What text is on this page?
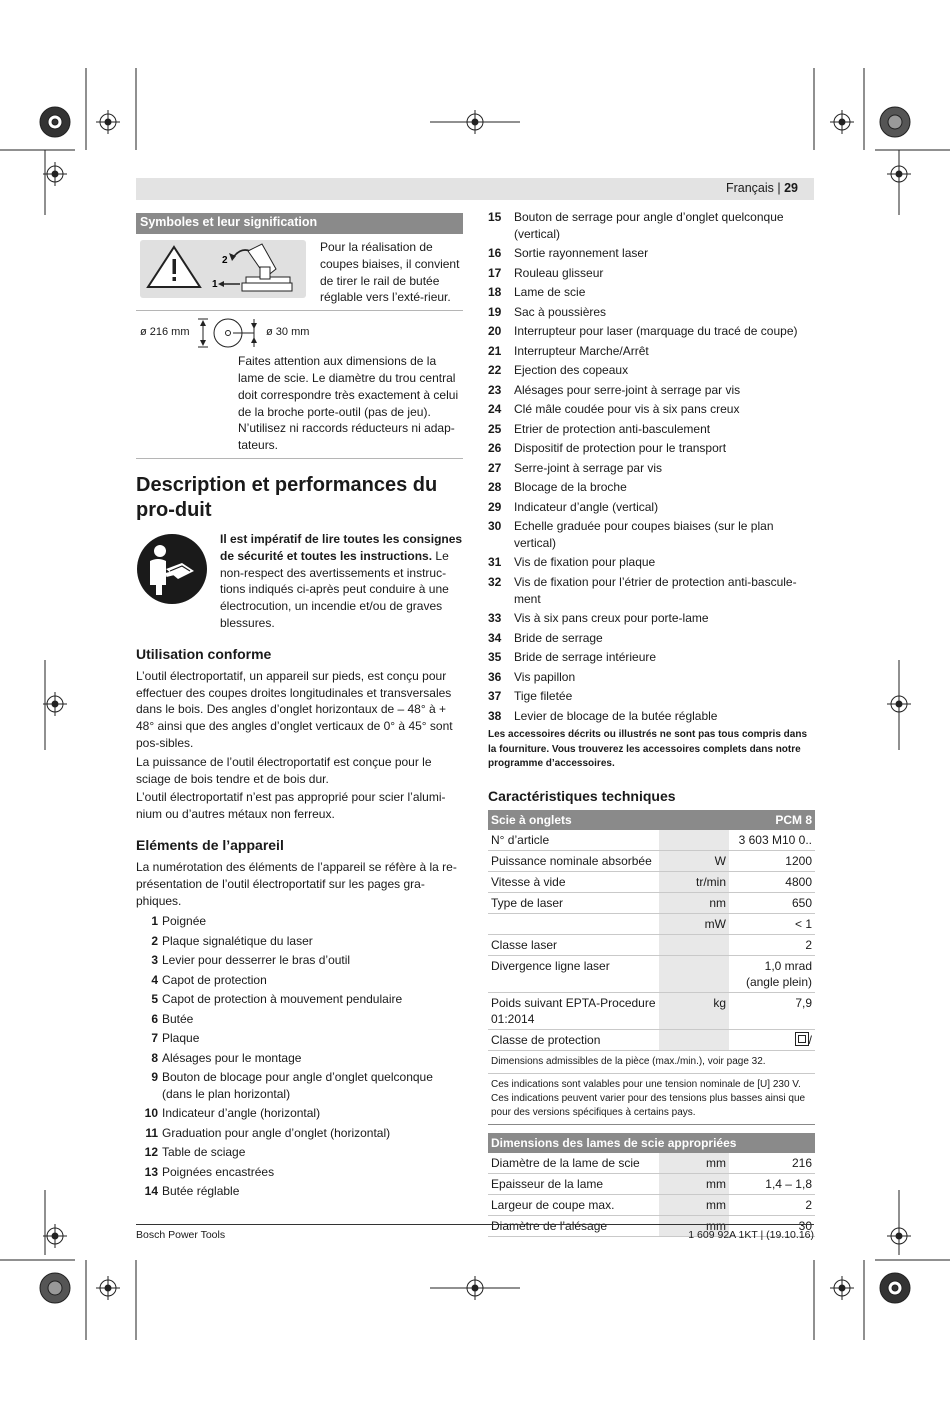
Français | 29
Symboles et leur signification
2
1
Pour la réalisation de coupes biaises, il convient de tirer le rail de butée réglable vers l’exté-rieur.
ø 216 mm	ø 30 mm
Faites attention aux dimensions de la lame de scie. Le diamètre du trou central doit correspondre très exactement à celui de la broche porte-outil (pas de jeu). N’utilisez ni raccords réducteurs ni adap-tateurs.
Description et performances du pro-duit
Il est impératif de lire toutes les consignes de sécurité et toutes les instructions. Le non-respect des avertissements et instruc-tions indiqués ci-après peut conduire à une électrocution, un incendie et/ou de graves blessures.
Utilisation conforme

L’outil électroportatif, un appareil sur pieds, est conçu pour effectuer des coupes droites longitudinales et transversales dans le bois. Des angles d’onglet horizontaux de – 48° à + 48° ainsi que des angles d’onglet verticaux de 0° à 45° sont pos-sibles.

La puissance de l’outil électroportatif est conçue pour le sciage de bois tendre et de bois dur.

L’outil électroportatif n’est pas approprié pour scier l’alumi-nium ou d’autres métaux non ferreux.

Eléments de l’appareil

La numérotation des éléments de l’appareil se réfère à la re-présentation de l’outil électroportatif sur les pages gra-phiques.

1 Poignée
2 Plaque signalétique du laser
3 Levier pour desserrer le bras d’outil
4 Capot de protection
5 Capot de protection à mouvement pendulaire
6 Butée
7 Plaque
8 Alésages pour le montage
9 Bouton de blocage pour angle d’onglet quelconque (dans le plan horizontal)
10 Indicateur d’angle (horizontal)
11 Graduation pour angle d’onglet (horizontal)
12 Table de sciage
13 Poignées encastrées
14 Butée réglable
15	Bouton de serrage pour angle d’onglet quelconque (vertical)
16	Sortie rayonnement laser
17	Rouleau glisseur
18	Lame de scie
19	Sac à poussières
20	Interrupteur pour laser (marquage du tracé de coupe)
21	Interrupteur Marche/Arrêt
22	Ejection des copeaux
23	Alésages pour serre-joint à serrage par vis
24	Clé mâle coudée pour vis à six pans creux
25	Etrier de protection anti-basculement
26	Dispositif de protection pour le transport
27	Serre-joint à serrage par vis
28	Blocage de la broche
29	Indicateur d’angle (vertical)
30	Echelle graduée pour coupes biaises (sur le plan vertical)
31	Vis de fixation pour plaque
32	Vis de fixation pour l’étrier de protection anti-bascule-ment
33	Vis à six pans creux pour porte-lame
34	Bride de serrage
35	Bride de serrage intérieure
36	Vis papillon
37	Tige filetée
38	Levier de blocage de la butée réglable
Les accessoires décrits ou illustrés ne sont pas tous compris dans la fourniture. Vous trouverez les accessoires complets dans notre programme d’accessoires.
Caractéristiques techniques
Scie à onglets		PCM 8
N° d’article		3 603 M10 0..
Puissance nominale absorbée	W	1200
Vitesse à vide	tr/min	4800
Type de laser	nm	650
	mW	< 1
Classe laser		2
Divergence ligne laser		1,0 mrad (angle plein)
Poids suivant EPTA-Procedure 01:2014	kg	7,9
Classe de protection		/
Dimensions admissibles de la pièce (max./min.), voir page 32.
Ces indications sont valables pour une tension nominale de [U] 230 V. Ces indications peuvent varier pour des tensions plus basses ainsi que pour des versions spécifiques à certains pays.
Dimensions des lames de scie appropriées		
Diamètre de la lame de scie	mm	216
Epaisseur de la lame	mm	1,4 – 1,8
Largeur de coupe max.	mm	2
Diamètre de l’alésage	mm	30
Bosch Power Tools	1 609 92A 1KT | (19.10.16)
